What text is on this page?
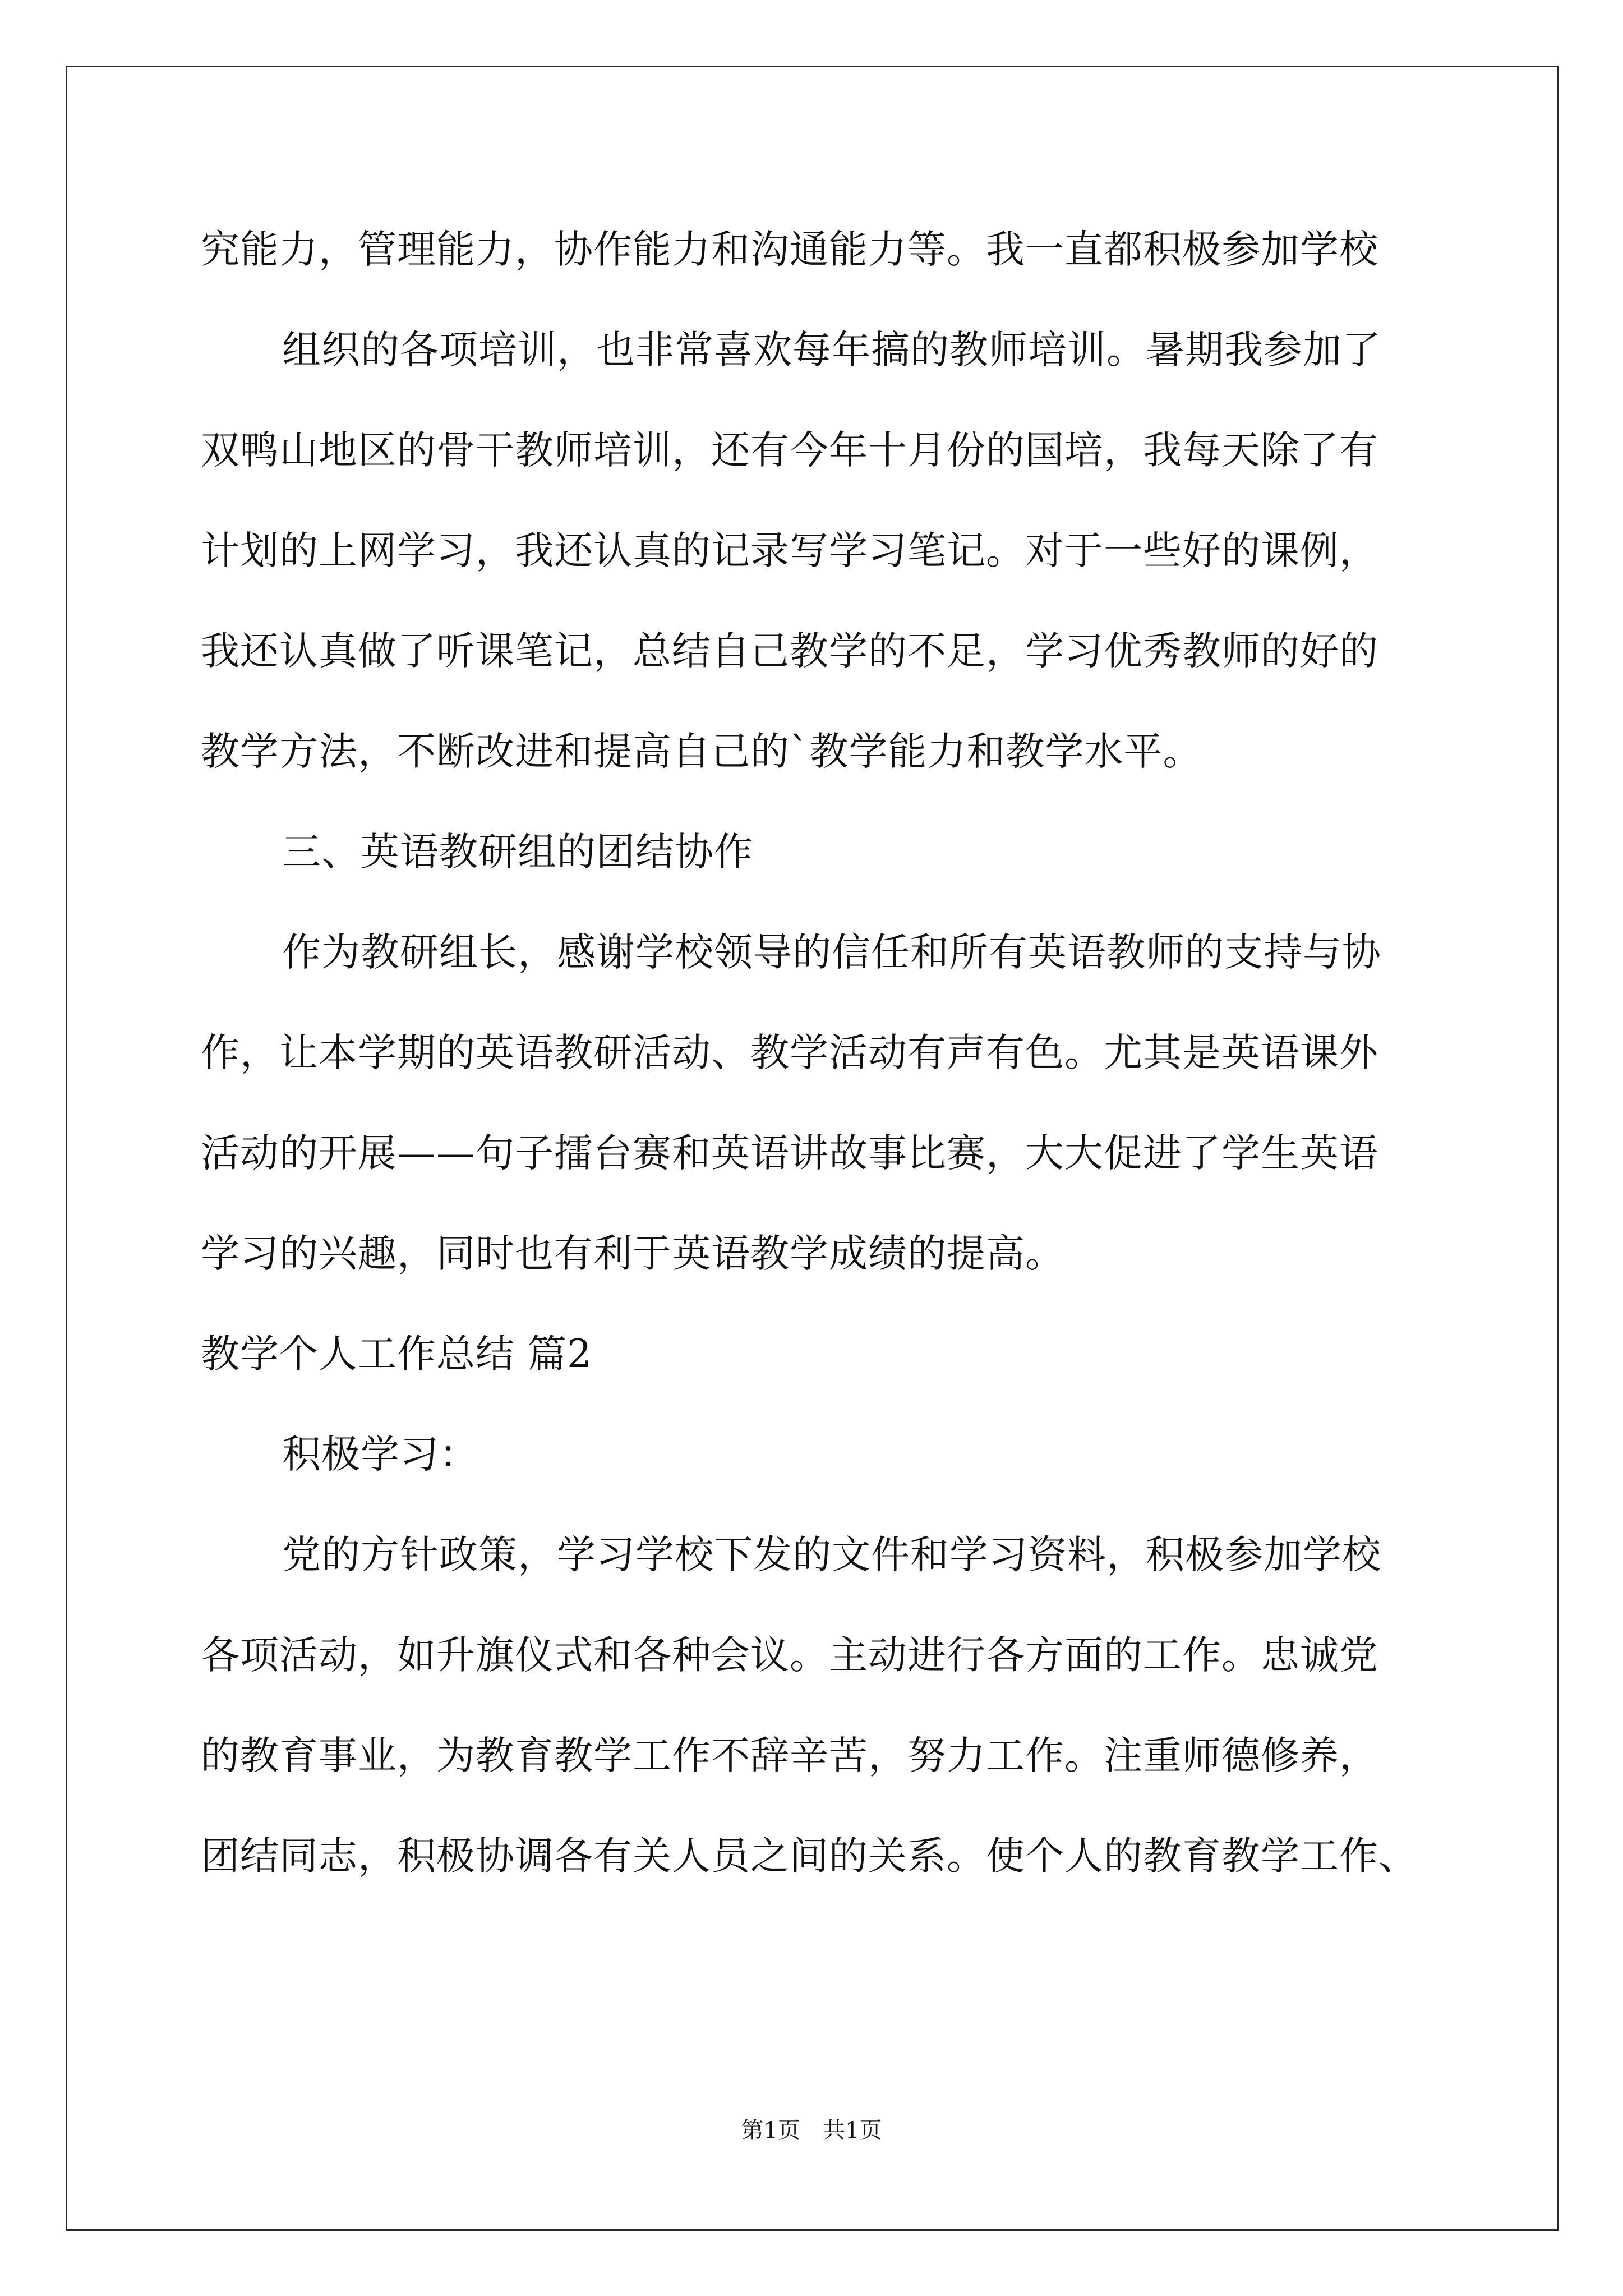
究能力，管理能力，协作能力和沟通能力等。我一直都积极参加学校
组织的各项培训，也非常喜欢每年搞的教师培训。暑期我参加了
双鸭山地区的骨干教师培训，还有今年十月份的国培，我每天除了有
计划的上网学习，我还认真的记录写学习笔记。对于一些好的课例，
我还认真做了听课笔记，总结自己教学的不足，学习优秀教师的好的
教学方法，不断改进和提高自己的`教学能力和教学水平。
三、英语教研组的团结协作
作为教研组长，感谢学校领导的信任和所有英语教师的支持与协
作，让本学期的英语教研活动、教学活动有声有色。尤其是英语课外
活动的开展——句子擂台赛和英语讲故事比赛，大大促进了学生英语
学习的兴趣，同时也有利于英语教学成绩的提高。
教学个人工作总结 篇2
积极学习：
党的方针政策，学习学校下发的文件和学习资料，积极参加学校
各项活动，如升旗仪式和各种会议。主动进行各方面的工作。忠诚党
的教育事业，为教育教学工作不辞辛苦，努力工作。注重师德修养，
团结同志，积极协调各有关人员之间的关系。使个人的教育教学工作、
第1页　共1页
